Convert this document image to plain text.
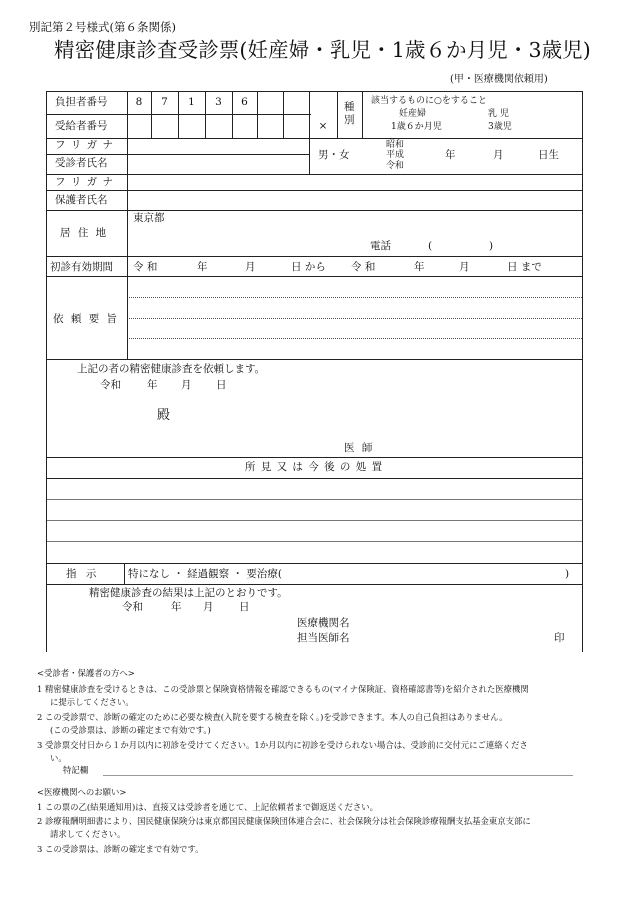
別記第２号様式(第６条関係)
精密健康診査受診票(妊産婦・乳児・1歳６か月児・3歳児)
(甲・医療機関依頼用)
負担者番号	8	7	1	3	6
受給者番号	×
種別
該当するものに○をすること
妊産婦	乳 児
1歳６か月児	3歳児
フ リ ガ ナ
受診者氏名
男・女
昭和
平成
令和
年	月	日生
フ リ ガ ナ
保護者氏名
居 住 地
東京都
電話	(	)
初診有効期間 令 和	年	月	日 から 令 和	年	月	日 まで
依 頼 要 旨
上記の者の精密健康診査を依頼します。
令和 年 月 日
殿
医 師
所 見 又 は 今 後 の 処 置
指 示	特になし ・ 経過観察 ・ 要治療(	)
精密健康診査の結果は上記のとおりです。
令和	年 月 日
医療機関名
担当医師名	印
<受診者・保護者の方へ>
1 精密健康診査を受けるときは、この受診票と保険資格情報を確認できるもの(マイナ保険証、資格確認書等)を紹介された医療機関
に提示してください。
2 この受診票で、診断の確定のために必要な検査(入院を要する検査を除く。)を受診できます。本人の自己負担はありません。
(この受診票は、診断の確定まで有効です。)
3 受診票交付日から１か月以内に初診を受けてください。1か月以内に初診を受けられない場合は、受診前に交付元にご連絡くださ
い。
特記欄
<医療機関へのお願い>
1 この票の乙(結果通知用)は、直接又は受診者を通じて、上記依頼者まで御返送ください。
2 診療報酬明細書により、国民健康保険分は東京都国民健康保険団体連合会に、社会保険分は社会保険診療報酬支払基金東京支部に
請求してください。
3 この受診票は、診断の確定まで有効です。
